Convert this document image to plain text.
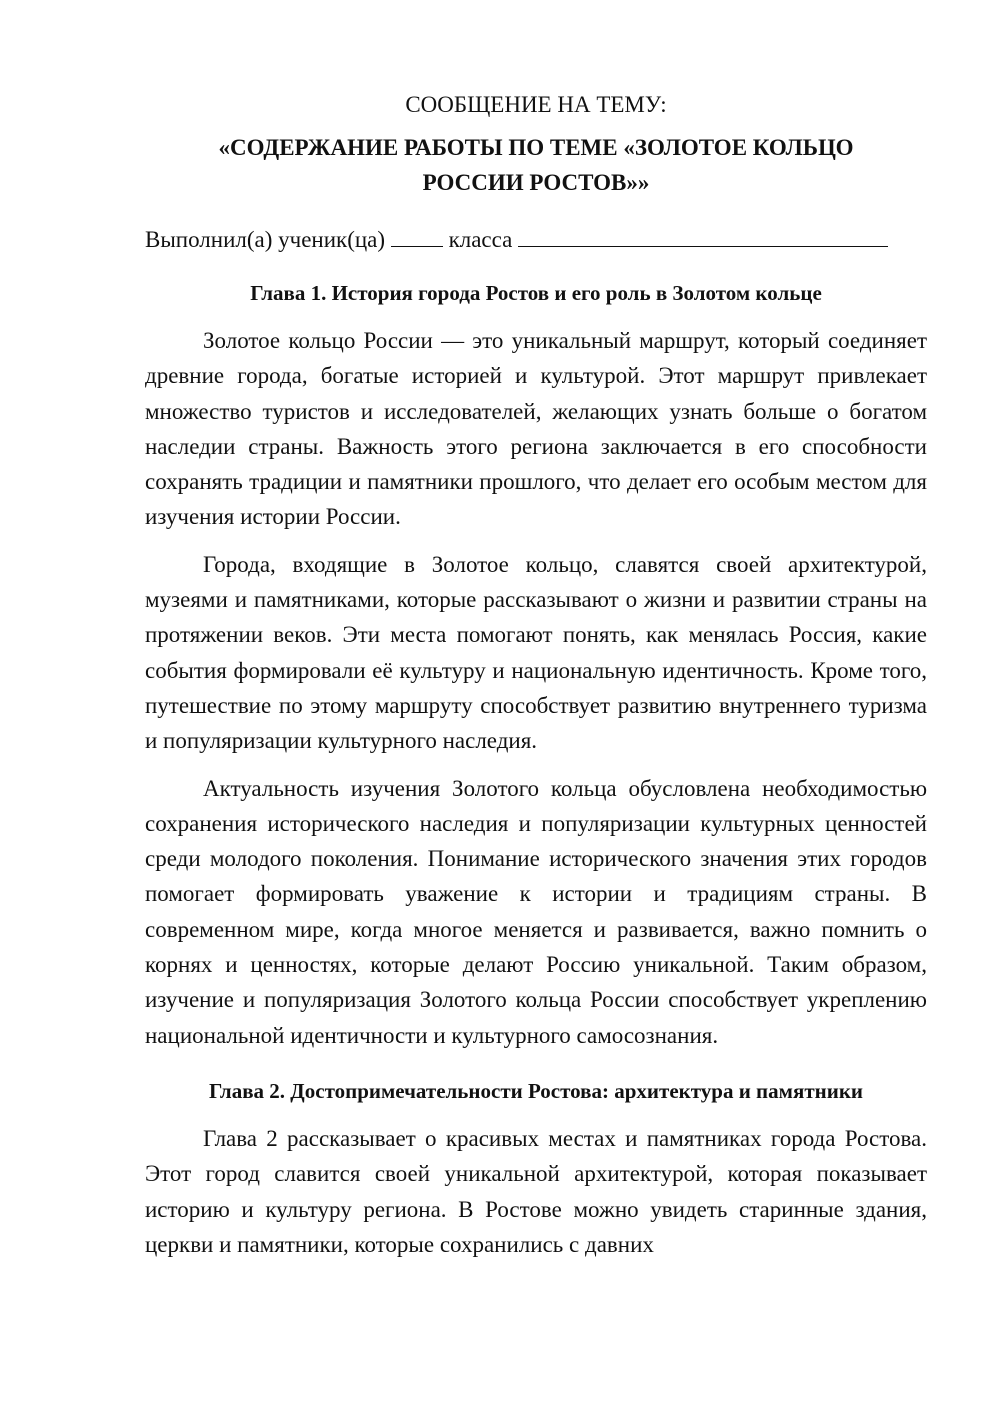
СООБЩЕНИЕ НА ТЕМУ:
«СОДЕРЖАНИЕ РАБОТЫ ПО ТЕМЕ «ЗОЛОТОЕ КОЛЬЦО
РОССИИ РОСТОВ»»
Выполнил(а) ученик(ца)	класса
Глава 1. История города Ростов и его роль в Золотом кольце

Золотое кольцо России — это уникальный маршрут, который соединяет древние города, богатые историей и культурой. Этот маршрут привлекает множество туристов и исследователей, желающих узнать больше о богатом наследии страны. Важность этого региона заключается в его способности сохранять традиции и памятники прошлого, что делает его особым местом для изучения истории России.

Города, входящие в Золотое кольцо, славятся своей архитектурой, музеями и памятниками, которые рассказывают о жизни и развитии страны на протяжении веков. Эти места помогают понять, как менялась Россия, какие события формировали её культуру и национальную идентичность. Кроме того, путешествие по этому маршруту способствует развитию внутреннего туризма и популяризации культурного наследия.

Актуальность изучения Золотого кольца обусловлена необходимостью сохранения исторического наследия и популяризации культурных ценностей среди молодого поколения. Понимание исторического значения этих городов помогает формировать уважение к истории и традициям страны. В современном мире, когда многое меняется и развивается, важно помнить о корнях и ценностях, которые делают Россию уникальной. Таким образом, изучение и популяризация Золотого кольца России способствует укреплению национальной идентичности и культурного самосознания.

Глава 2. Достопримечательности Ростова: архитектура и памятники

Глава 2 рассказывает о красивых местах и памятниках города Ростова. Этот город славится своей уникальной архитектурой, которая показывает историю и культуру региона. В Ростове можно увидеть старинные здания, церкви и памятники, которые сохранились с давних
